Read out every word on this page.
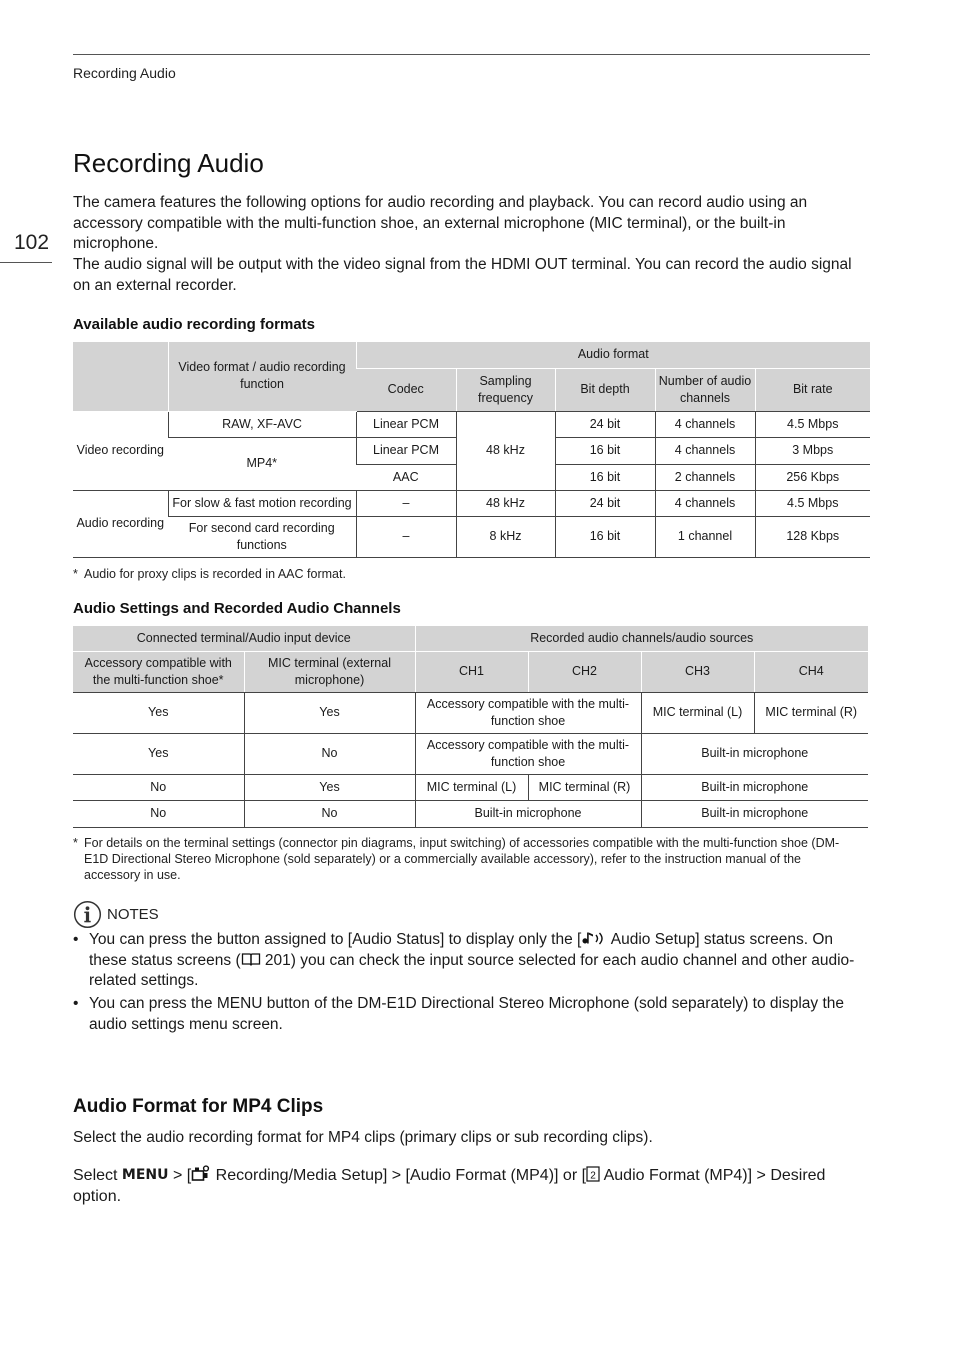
Recording Audio
102
Recording Audio

The camera features the following options for audio recording and playback. You can record audio using an accessory compatible with the multi-function shoe, an external microphone (MIC terminal), or the built-in microphone.

The audio signal will be output with the video signal from the HDMI OUT terminal. You can record the audio signal on an external recorder.

Available audio recording formats
	Video format / audio recording function	Audio format				
		Codec	Sampling frequency	Bit depth	Number of audio channels	Bit rate
Video recording	RAW, XF-AVC	Linear PCM	48 kHz	24 bit	4 channels	4.5 Mbps
	MP4*	Linear PCM		16 bit	4 channels	3 Mbps
		AAC		16 bit	2 channels	256 Kbps
Audio recording	For slow & fast motion recording	–	48 kHz	24 bit	4 channels	4.5 Mbps
	For second card recording functions	–	8 kHz	16 bit	1 channel	128 Kbps
* Audio for proxy clips is recorded in AAC format.
Audio Settings and Recorded Audio Channels
Connected terminal/Audio input device		Recorded audio channels/audio sources			
Accessory compatible with the multi-function shoe*	MIC terminal (external microphone)	CH1	CH2	CH3	CH4
Yes	Yes	Accessory compatible with the multi-function shoe		MIC terminal (L)	MIC terminal (R)
Yes	No	Accessory compatible with the multi-function shoe		Built-in microphone	
No	Yes	MIC terminal (L)	MIC terminal (R)	Built-in microphone	
No	No	Built-in microphone		Built-in microphone	
* For details on the terminal settings (connector pin diagrams, input switching) of accessories compatible with the multi-function shoe (DM-E1D Directional Stereo Microphone (sold separately) or a commercially available accessory), refer to the instruction manual of the accessory in use.
NOTES
• You can press the button assigned to [Audio Status] to display only the [ Audio Setup] status screens. On these status screens ( 201) you can check the input source selected for each audio channel and other audio-related settings.
• You can press the MENU button of the DM-E1D Directional Stereo Microphone (sold separately) to display the audio settings menu screen.
Audio Format for MP4 Clips

Select the audio recording format for MP4 clips (primary clips or sub recording clips).

Select MENU > [ Recording/Media Setup] > [Audio Format (MP4)] or [ 2 Audio Format (MP4)] > Desired option.
